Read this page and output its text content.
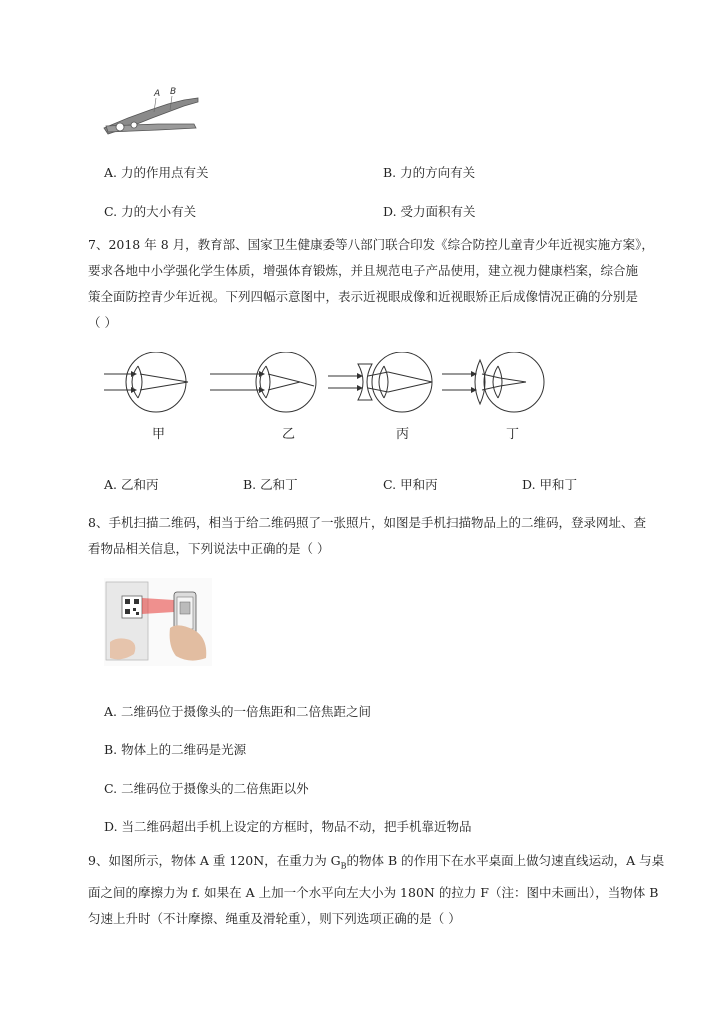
A B
A. 力的作用点有关	B. 力的方向有关
C. 力的大小有关	D. 受力面积有关
7、2018 年 8 月，教育部、国家卫生健康委等八部门联合印发《综合防控儿童青少年近视实施方案》，
要求各地中小学强化学生体质，增强体育锻炼，并且规范电子产品使用，建立视力健康档案，综合施
策全面防控青少年近视。下列四幅示意图中，表示近视眼成像和近视眼矫正后成像情况正确的分别是
（ ）
甲	乙	丙	丁
A. 乙和丙	B. 乙和丁	C. 甲和丙	D. 甲和丁
8、手机扫描二维码，相当于给二维码照了一张照片，如图是手机扫描物品上的二维码，登录网址、查
看物品相关信息，下列说法中正确的是（ ）
A. 二维码位于摄像头的一倍焦距和二倍焦距之间
B. 物体上的二维码是光源
C. 二维码位于摄像头的二倍焦距以外
D. 当二维码超出手机上设定的方框时，物品不动，把手机靠近物品
9、如图所示，物体 A 重 120N，在重力为 $G_B$的物体 B 的作用下在水平桌面上做匀速直线运动，A 与桌
面之间的摩擦力为 f. 如果在 A 上加一个水平向左大小为 180N 的拉力 F（注：图中未画出），当物体 B
匀速上升时（不计摩擦、绳重及滑轮重），则下列选项正确的是（ ）
